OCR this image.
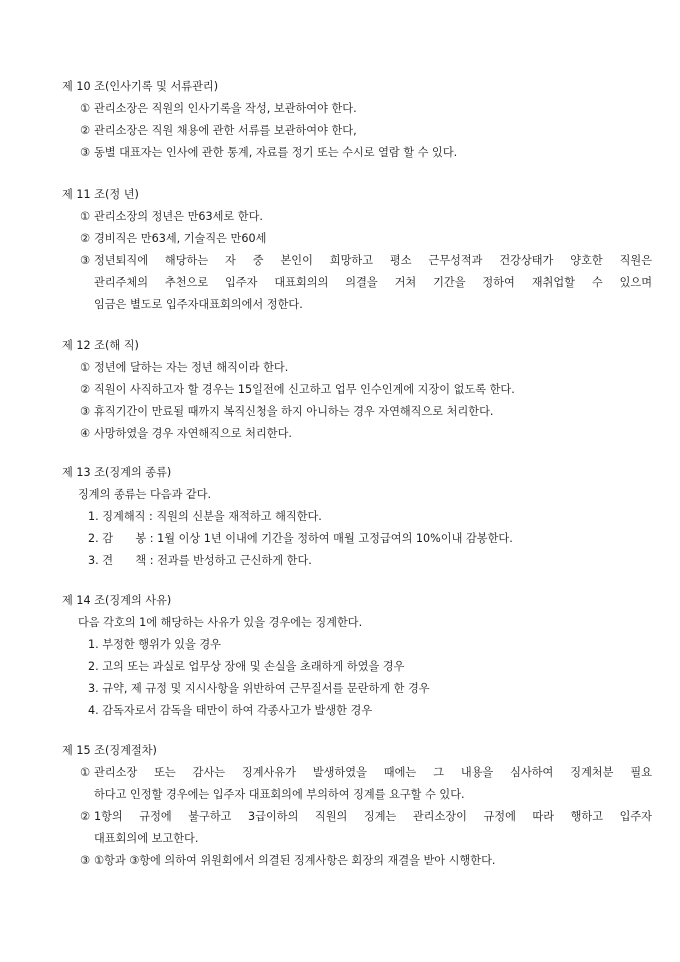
제 10 조(인사기록 및 서류관리)
① 관리소장은 직원의 인사기록을 작성, 보관하여야 한다.
② 관리소장은 직원 채용에 관한 서류를 보관하여야 한다,
③ 동별 대표자는 인사에 관한 통계, 자료를 정기 또는 수시로 열람 할 수 있다.
제 11 조(정 년)
① 관리소장의 정년은 만63세로 한다.
② 경비직은 만63세, 기술직은 만60세
③ 정년퇴직에 해당하는 자 중 본인이 희망하고 평소 근무성적과 건강상태가 양호한 직원은
관리주체의 추천으로 입주자 대표회의의 의결을 거쳐 기간을 정하여 재취업할 수 있으며
임금은 별도로 입주자대표회의에서 정한다.
제 12 조(해 직)
① 정년에 달하는 자는 정년 해직이라 한다.
② 직원이 사직하고자 할 경우는 15일전에 신고하고 업무 인수인계에 지장이 없도록 한다.
③ 휴직기간이 만료될 때까지 복직신청을 하지 아니하는 경우 자연해직으로 처리한다.
④ 사망하였을 경우 자연해직으로 처리한다.
제 13 조(징계의 종류)
징계의 종류는 다음과 같다.
1. 징계해직 : 직원의 신분을 재적하고 해직한다.
2. 감　　봉 : 1월 이상 1년 이내에 기간을 정하여 매월 고정급여의 10%이내 감봉한다.
3. 견　　책 : 전과를 반성하고 근신하게 한다.
제 14 조(징계의 사유)
다음 각호의 1에 해당하는 사유가 있을 경우에는 징계한다.
1. 부정한 행위가 있을 경우
2. 고의 또는 과실로 업무상 장애 및 손실을 초래하게 하였을 경우
3. 규약, 제 규정 및 지시사항을 위반하여 근무질서를 문란하게 한 경우
4. 감독자로서 감독을 태만이 하여 각종사고가 발생한 경우
제 15 조(징계절차)
① 관리소장 또는 감사는 징계사유가 발생하였을 때에는 그 내용을 심사하여 징계처분 필요
하다고 인정할 경우에는 입주자 대표회의에 부의하여 징계를 요구할 수 있다.
② 1항의 규정에 불구하고 3급이하의 직원의 징계는 관리소장이 규정에 따라 행하고 입주자
대표회의에 보고한다.
③ ①항과 ③항에 의하여 위원회에서 의결된 징계사항은 회장의 재결을 받아 시행한다.
